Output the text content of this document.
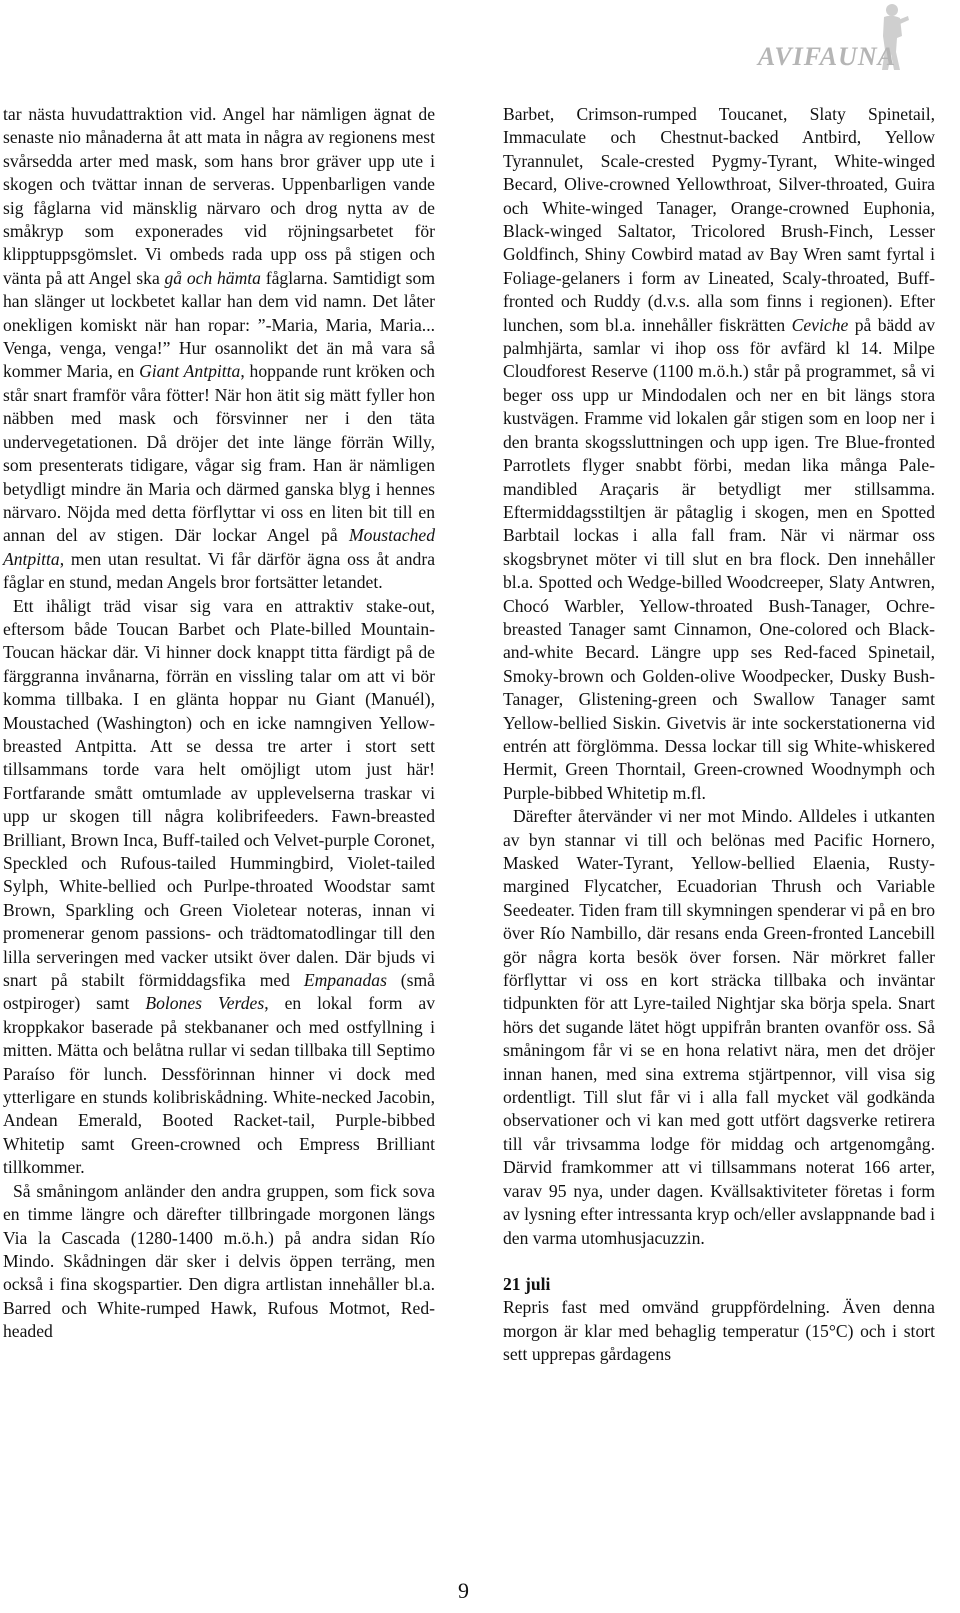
AVIFAUNA

tar nästa huvudattraktion vid. Angel har nämligen ägnat de senaste nio månaderna åt att mata in några av regionens mest svårsedda arter med mask, som hans bror gräver upp ute i skogen och tvättar innan de serveras. Uppenbarligen vande sig fåglarna vid mänsklig närvaro och drog nytta av de småkryp som exponerades vid röjningsarbetet för klipptuppsgömslet. Vi ombeds rada upp oss på stigen och vänta på att Angel ska gå och hämta fåglarna. Samtidigt som han slänger ut lockbetet kallar han dem vid namn. Det låter onekligen komiskt när han ropar: ”-Maria, Maria, Maria... Venga, venga, venga!” Hur osannolikt det än må vara så kommer Maria, en Giant Antpitta, hoppande runt kröken och står snart framför våra fötter! När hon ätit sig mätt fyller hon näbben med mask och försvinner ner i den täta undervegetationen. Då dröjer det inte länge förrän Willy, som presenterats tidigare, vågar sig fram. Han är nämligen betydligt mindre än Maria och därmed ganska blyg i hennes närvaro. Nöjda med detta förflyttar vi oss en liten bit till en annan del av stigen. Där lockar Angel på Moustached Antpitta, men utan resultat. Vi får därför ägna oss åt andra fåglar en stund, medan Angels bror fortsätter letandet.

Ett ihåligt träd visar sig vara en attraktiv stake-out, eftersom både Toucan Barbet och Plate-billed Mountain-Toucan häckar där. Vi hinner dock knappt titta färdigt på de färggranna invånarna, förrän en vissling talar om att vi bör komma tillbaka. I en glänta hoppar nu Giant (Manuél), Moustached (Washington) och en icke namngiven Yellow-breasted Antpitta. Att se dessa tre arter i stort sett tillsammans torde vara helt omöjligt utom just här! Fortfarande smått omtumlade av upplevelserna traskar vi upp ur skogen till några kolibrifeeders. Fawn-breasted Brilliant, Brown Inca, Buff-tailed och Velvet-purple Coronet, Speckled och Rufous-tailed Hummingbird, Violet-tailed Sylph, White-bellied och Purlpe-throated Woodstar samt Brown, Sparkling och Green Violetear noteras, innan vi promenerar genom passions- och trädtomatodlingar till den lilla serveringen med vacker utsikt över dalen. Där bjuds vi snart på stabilt förmiddagsfika med Empanadas (små ostpiroger) samt Bolones Verdes, en lokal form av kroppkakor baserade på stekbananer och med ostfyllning i mitten. Mätta och belåtna rullar vi sedan tillbaka till Septimo Paraíso för lunch. Dessförinnan hinner vi dock med ytterligare en stunds kolibriskådning. White-necked Jacobin, Andean Emerald, Booted Racket-tail, Purple-bibbed Whitetip samt Green-crowned och Empress Brilliant tillkommer.

Så småningom anländer den andra gruppen, som fick sova en timme längre och därefter tillbringade morgonen längs Via la Cascada (1280-1400 m.ö.h.) på andra sidan Río Mindo. Skådningen där sker i delvis öppen terräng, men också i fina skogspartier. Den digra artlistan innehåller bl.a. Barred och White-rumped Hawk, Rufous Motmot, Red-headed

Barbet, Crimson-rumped Toucanet, Slaty Spinetail, Immaculate och Chestnut-backed Antbird, Yellow Tyrannulet, Scale-crested Pygmy-Tyrant, White-winged Becard, Olive-crowned Yellowthroat, Silver-throated, Guira och White-winged Tanager, Orange-crowned Euphonia, Black-winged Saltator, Tricolored Brush-Finch, Lesser Goldfinch, Shiny Cowbird matad av Bay Wren samt fyrtal i Foliage-gelaners i form av Lineated, Scaly-throated, Buff-fronted och Ruddy (d.v.s. alla som finns i regionen). Efter lunchen, som bl.a. innehåller fiskrätten Ceviche på bädd av palmhjärta, samlar vi ihop oss för avfärd kl 14. Milpe Cloudforest Reserve (1100 m.ö.h.) står på programmet, så vi beger oss upp ur Mindodalen och ner en bit längs stora kustvägen. Framme vid lokalen går stigen som en loop ner i den branta skogssluttningen och upp igen. Tre Blue-fronted Parrotlets flyger snabbt förbi, medan lika många Pale-mandibled Araçaris är betydligt mer stillsamma. Eftermiddagsstiltjen är påtaglig i skogen, men en Spotted Barbtail lockas i alla fall fram. När vi närmar oss skogsbrynet möter vi till slut en bra flock. Den innehåller bl.a. Spotted och Wedge-billed Woodcreeper, Slaty Antwren, Chocó Warbler, Yellow-throated Bush-Tanager, Ochre-breasted Tanager samt Cinnamon, One-colored och Black-and-white Becard. Längre upp ses Red-faced Spinetail, Smoky-brown och Golden-olive Woodpecker, Dusky Bush-Tanager, Glistening-green och Swallow Tanager samt Yellow-bellied Siskin. Givetvis är inte sockerstationerna vid entrén att förglömma. Dessa lockar till sig White-whiskered Hermit, Green Thorntail, Green-crowned Woodnymph och Purple-bibbed Whitetip m.fl.

Därefter återvänder vi ner mot Mindo. Alldeles i utkanten av byn stannar vi till och belönas med Pacific Hornero, Masked Water-Tyrant, Yellow-bellied Elaenia, Rusty-margined Flycatcher, Ecuadorian Thrush och Variable Seedeater. Tiden fram till skymningen spenderar vi på en bro över Río Nambillo, där resans enda Green-fronted Lancebill gör några korta besök över forsen. När mörkret faller förflyttar vi oss en kort sträcka tillbaka och inväntar tidpunkten för att Lyre-tailed Nightjar ska börja spela. Snart hörs det sugande lätet högt uppifrån branten ovanför oss. Så småningom får vi se en hona relativt nära, men det dröjer innan hanen, med sina extrema stjärtpennor, vill visa sig ordentligt. Till slut får vi i alla fall mycket väl godkända observationer och vi kan med gott utfört dagsverke retirera till vår trivsamma lodge för middag och artgenomgång. Därvid framkommer att vi tillsammans noterat 166 arter, varav 95 nya, under dagen. Kvällsaktiviteter företas i form av lysning efter intressanta kryp och/eller avslappnande bad i den varma utomhusjacuzzin.

21 juli

Repris fast med omvänd gruppfördelning. Även denna morgon är klar med behaglig temperatur (15°C) och i stort sett upprepas gårdagens

9
